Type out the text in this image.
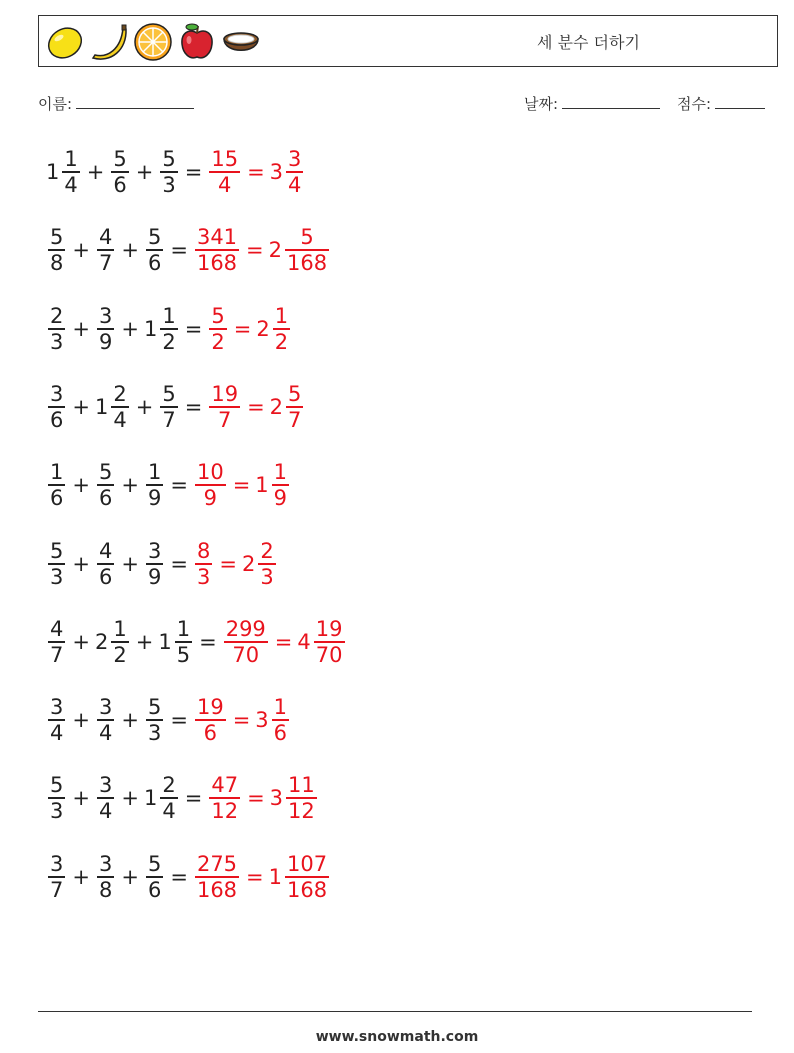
세 분수 더하기
이름:	날짜:	점수:
$1 \frac{1}{4} + \frac{5}{6} + \frac{5}{3} = \frac{15}{4} = 3 \frac{3}{4}$
$\frac{5}{8} + \frac{4}{7} + \frac{5}{6} = \frac{341}{168} = 2 \frac{5}{168}$
$\frac{2}{3} + \frac{3}{9} + 1 \frac{1}{2} = \frac{5}{2} = 2 \frac{1}{2}$
$\frac{3}{6} + 1 \frac{2}{4} + \frac{5}{7} = \frac{19}{7} = 2 \frac{5}{7}$
$\frac{1}{6} + \frac{5}{6} + \frac{1}{9} = \frac{10}{9} = 1 \frac{1}{9}$
$\frac{5}{3} + \frac{4}{6} + \frac{3}{9} = \frac{8}{3} = 2 \frac{2}{3}$
$\frac{4}{7} + 2 \frac{1}{2} + 1 \frac{1}{5} = \frac{299}{70} = 4 \frac{19}{70}$
$\frac{3}{4} + \frac{3}{4} + \frac{5}{3} = \frac{19}{6} = 3 \frac{1}{6}$
$\frac{5}{3} + \frac{3}{4} + 1 \frac{2}{4} = \frac{47}{12} = 3 \frac{11}{12}$
$\frac{3}{7} + \frac{3}{8} + \frac{5}{6} = \frac{275}{168} = 1 \frac{107}{168}$
www.snowmath.com
